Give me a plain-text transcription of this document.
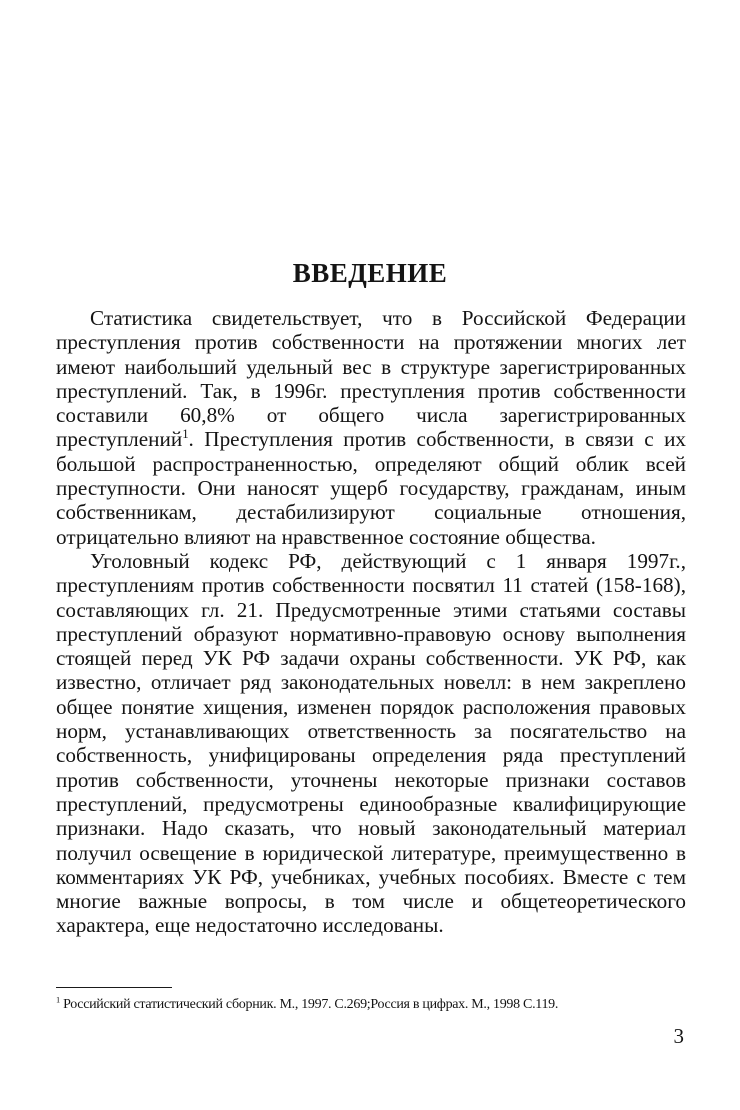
ВВЕДЕНИЕ

Статистика свидетельствует, что в Российской Федерации преступления против собственности на протяжении многих лет имеют наибольший удельный вес в структуре зарегистрированных преступлений. Так, в 1996г. преступления против собственности составили 60,8% от общего числа зарегистрированных преступлений$^1$. Преступления против собственности, в связи с их большой распространенностью, определяют общий облик всей преступности. Они наносят ущерб государству, гражданам, иным собственникам, дестабилизируют социальные отношения, отрицательно влияют на нравственное состояние общества.

Уголовный кодекс РФ, действующий с 1 января 1997г., преступлениям против собственности посвятил 11 статей (158-168), составляющих гл. 21. Предусмотренные этими статьями составы преступлений образуют нормативно-правовую основу выполнения стоящей перед УК РФ задачи охраны собственности. УК РФ, как известно, отличает ряд законодательных новелл: в нем закреплено общее понятие хищения, изменен порядок расположения правовых норм, устанавливающих ответственность за посягательство на собственность, унифицированы определения ряда преступлений против собственности, уточнены некоторые признаки составов преступлений, предусмотрены единообразные квалифицирующие признаки. Надо сказать, что новый законодательный материал получил освещение в юридической литературе, преимущественно в комментариях УК РФ, учебниках, учебных пособиях. Вместе с тем многие важные вопросы, в том числе и общетеоретического характера, еще недостаточно исследованы.

$^1$ Российский статистический сборник. М., 1997. С.269;Россия в цифрах. М., 1998 С.119.
3
